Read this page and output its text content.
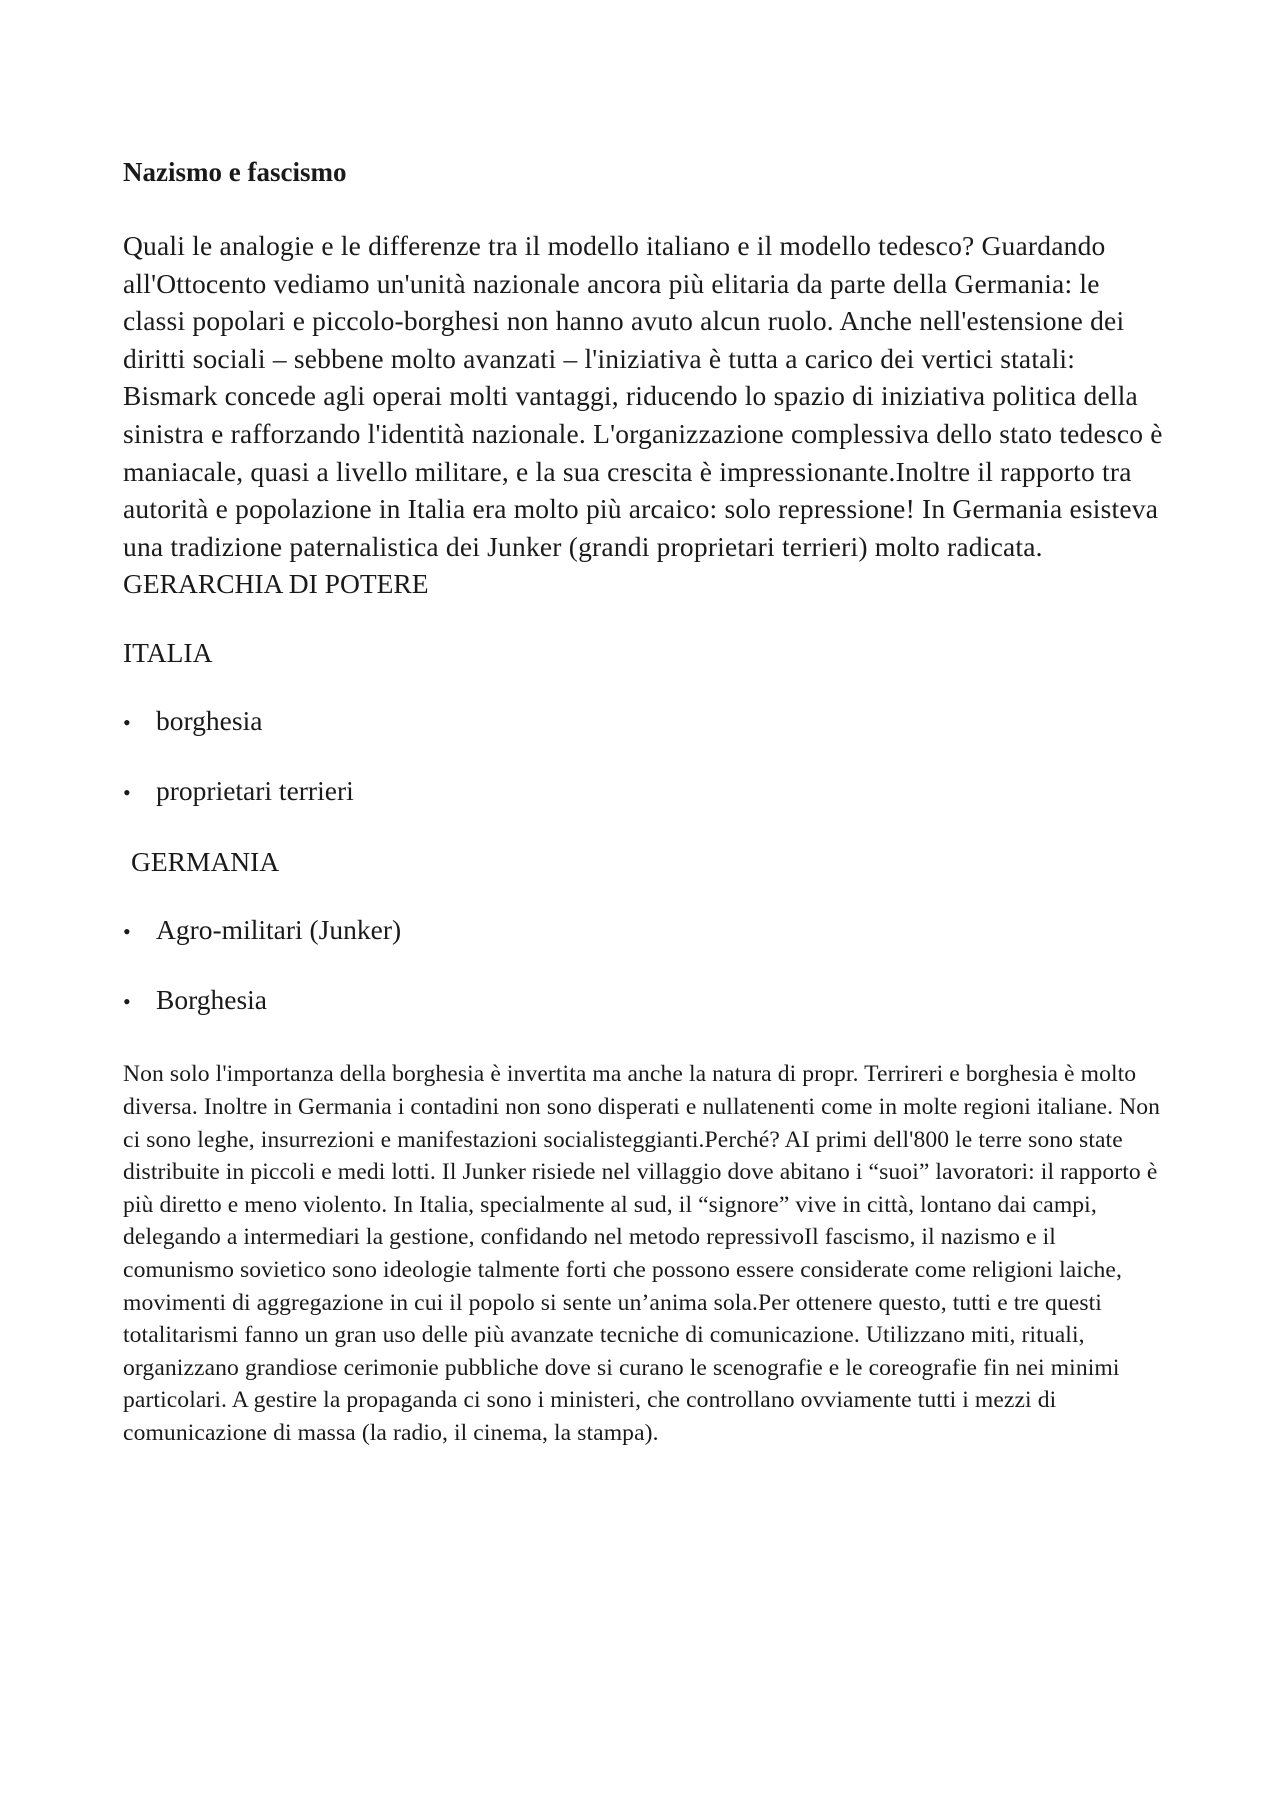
Nazismo e fascismo

Quali le analogie e le differenze tra il modello italiano e il modello tedesco? Guardando all'Ottocento vediamo un'unità nazionale ancora più elitaria da parte della Germania: le classi popolari e piccolo-borghesi non hanno avuto alcun ruolo. Anche nell'estensione dei diritti sociali – sebbene molto avanzati – l'iniziativa è tutta a carico dei vertici statali: Bismark concede agli operai molti vantaggi, riducendo lo spazio di iniziativa politica della sinistra e rafforzando l'identità nazionale. L'organizzazione complessiva dello stato tedesco è maniacale, quasi a livello militare, e la sua crescita è impressionante.Inoltre il rapporto tra autorità e popolazione in Italia era molto più arcaico: solo repressione! In Germania esisteva una tradizione paternalistica dei Junker (grandi proprietari terrieri) molto radicata.

GERARCHIA DI POTERE

ITALIA

• borghesia
• proprietari terrieri

GERMANIA

• Agro-militari (Junker)
• Borghesia

Non solo l'importanza della borghesia è invertita ma anche la natura di propr. Terrireri e borghesia è molto diversa. Inoltre in Germania i contadini non sono disperati e nullatenenti come in molte regioni italiane. Non ci sono leghe, insurrezioni e manifestazioni socialisteggianti.Perché? AI primi dell'800 le terre sono state distribuite in piccoli e medi lotti. Il Junker risiede nel villaggio dove abitano i “suoi” lavoratori: il rapporto è più diretto e meno violento. In Italia, specialmente al sud, il “signore” vive in città, lontano dai campi, delegando a intermediari la gestione, confidando nel metodo repressivoIl fascismo, il nazismo e il comunismo sovietico sono ideologie talmente forti che possono essere considerate come religioni laiche, movimenti di aggregazione in cui il popolo si sente un’anima sola.Per ottenere questo, tutti e tre questi totalitarismi fanno un gran uso delle più avanzate tecniche di comunicazione. Utilizzano miti, rituali, organizzano grandiose cerimonie pubbliche dove si curano le scenografie e le coreografie fin nei minimi particolari. A gestire la propaganda ci sono i ministeri, che controllano ovviamente tutti i mezzi di comunicazione di massa (la radio, il cinema, la stampa).
